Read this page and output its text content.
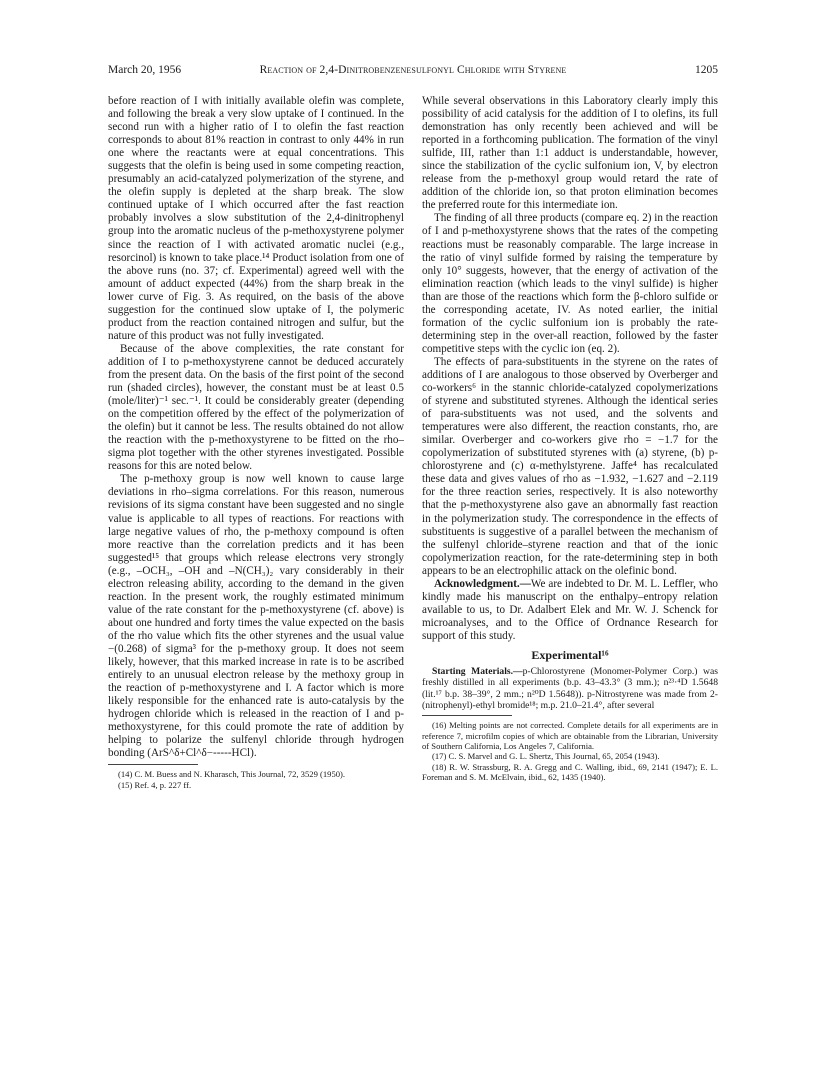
March 20, 1956	Reaction of 2,4-Dinitrobenzenesulfonyl Chloride with Styrene	1205

before reaction of I with initially available olefin was complete, and following the break a very slow uptake of I continued. In the second run with a higher ratio of I to olefin the fast reaction corresponds to about 81% reaction in contrast to only 44% in run one where the reactants were at equal concentrations. This suggests that the olefin is being used in some competing reaction, presumably an acid-catalyzed polymerization of the styrene, and the olefin supply is depleted at the sharp break. The slow continued uptake of I which occurred after the fast reaction probably involves a slow substitution of the 2,4-dinitrophenyl group into the aromatic nucleus of the p-methoxystyrene polymer since the reaction of I with activated aromatic nuclei (e.g., resorcinol) is known to take place.¹⁴ Product isolation from one of the above runs (no. 37; cf. Experimental) agreed well with the amount of adduct expected (44%) from the sharp break in the lower curve of Fig. 3. As required, on the basis of the above suggestion for the continued slow uptake of I, the polymeric product from the reaction contained nitrogen and sulfur, but the nature of this product was not fully investigated.

Because of the above complexities, the rate constant for addition of I to p-methoxystyrene cannot be deduced accurately from the present data. On the basis of the first point of the second run (shaded circles), however, the constant must be at least 0.5 (mole/liter)⁻¹ sec.⁻¹. It could be considerably greater (depending on the competition offered by the effect of the polymerization of the olefin) but it cannot be less. The results obtained do not allow the reaction with the p-methoxystyrene to be fitted on the rho–sigma plot together with the other styrenes investigated. Possible reasons for this are noted below.

The p-methoxy group is now well known to cause large deviations in rho–sigma correlations. For this reason, numerous revisions of its sigma constant have been suggested and no single value is applicable to all types of reactions. For reactions with large negative values of rho, the p-methoxy compound is often more reactive than the correlation predicts and it has been suggested¹⁵ that groups which release electrons very strongly (e.g., –OCH₃, –OH and –N(CH₃)₂ vary considerably in their electron releasing ability, according to the demand in the given reaction. In the present work, the roughly estimated minimum value of the rate constant for the p-methoxystyrene (cf. above) is about one hundred and forty times the value expected on the basis of the rho value which fits the other styrenes and the usual value −(0.268) of sigma³ for the p-methoxy group. It does not seem likely, however, that this marked increase in rate is to be ascribed entirely to an unusual electron release by the methoxy group in the reaction of p-methoxystyrene and I. A factor which is more likely responsible for the enhanced rate is auto-catalysis by the hydrogen chloride which is released in the reaction of I and p-methoxystyrene, for this could promote the rate of addition by helping to polarize the sulfenyl chloride through hydrogen bonding (ArS^δ+Cl^δ−-----HCl).

(14) C. M. Buess and N. Kharasch, This Journal, 72, 3529 (1950).

(15) Ref. 4, p. 227 ff.

While several observations in this Laboratory clearly imply this possibility of acid catalysis for the addition of I to olefins, its full demonstration has only recently been achieved and will be reported in a forthcoming publication. The formation of the vinyl sulfide, III, rather than 1:1 adduct is understandable, however, since the stabilization of the cyclic sulfonium ion, V, by electron release from the p-methoxyl group would retard the rate of addition of the chloride ion, so that proton elimination becomes the preferred route for this intermediate ion.

The finding of all three products (compare eq. 2) in the reaction of I and p-methoxystyrene shows that the rates of the competing reactions must be reasonably comparable. The large increase in the ratio of vinyl sulfide formed by raising the temperature by only 10° suggests, however, that the energy of activation of the elimination reaction (which leads to the vinyl sulfide) is higher than are those of the reactions which form the β-chloro sulfide or the corresponding acetate, IV. As noted earlier, the initial formation of the cyclic sulfonium ion is probably the rate-determining step in the over-all reaction, followed by the faster competitive steps with the cyclic ion (eq. 2).

The effects of para-substituents in the styrene on the rates of additions of I are analogous to those observed by Overberger and co-workers⁶ in the stannic chloride-catalyzed copolymerizations of styrene and substituted styrenes. Although the identical series of para-substituents was not used, and the solvents and temperatures were also different, the reaction constants, rho, are similar. Overberger and co-workers give rho = −1.7 for the copolymerization of substituted styrenes with (a) styrene, (b) p-chlorostyrene and (c) α-methylstyrene. Jaffe⁴ has recalculated these data and gives values of rho as −1.932, −1.627 and −2.119 for the three reaction series, respectively. It is also noteworthy that the p-methoxystyrene also gave an abnormally fast reaction in the polymerization study. The correspondence in the effects of substituents is suggestive of a parallel between the mechanism of the sulfenyl chloride–styrene reaction and that of the ionic copolymerization reaction, for the rate-determining step in both appears to be an electrophilic attack on the olefinic bond.

Acknowledgment.—We are indebted to Dr. M. L. Leffler, who kindly made his manuscript on the enthalpy–entropy relation available to us, to Dr. Adalbert Elek and Mr. W. J. Schenck for microanalyses, and to the Office of Ordnance Research for support of this study.

Experimental¹⁶

Starting Materials.—p-Chlorostyrene (Monomer-Polymer Corp.) was freshly distilled in all experiments (b.p. 43–43.3° (3 mm.); n²³·⁴D 1.5648 (lit.¹⁷ b.p. 38–39°, 2 mm.; n²⁰D 1.5648)). p-Nitrostyrene was made from 2-(nitrophenyl)-ethyl bromide¹⁸; m.p. 21.0–21.4°, after several

(16) Melting points are not corrected. Complete details for all experiments are in reference 7, microfilm copies of which are obtainable from the Librarian, University of Southern California, Los Angeles 7, California.

(17) C. S. Marvel and G. L. Shertz, This Journal, 65, 2054 (1943).

(18) R. W. Strassburg, R. A. Gregg and C. Walling, ibid., 69, 2141 (1947); E. L. Foreman and S. M. McElvain, ibid., 62, 1435 (1940).
